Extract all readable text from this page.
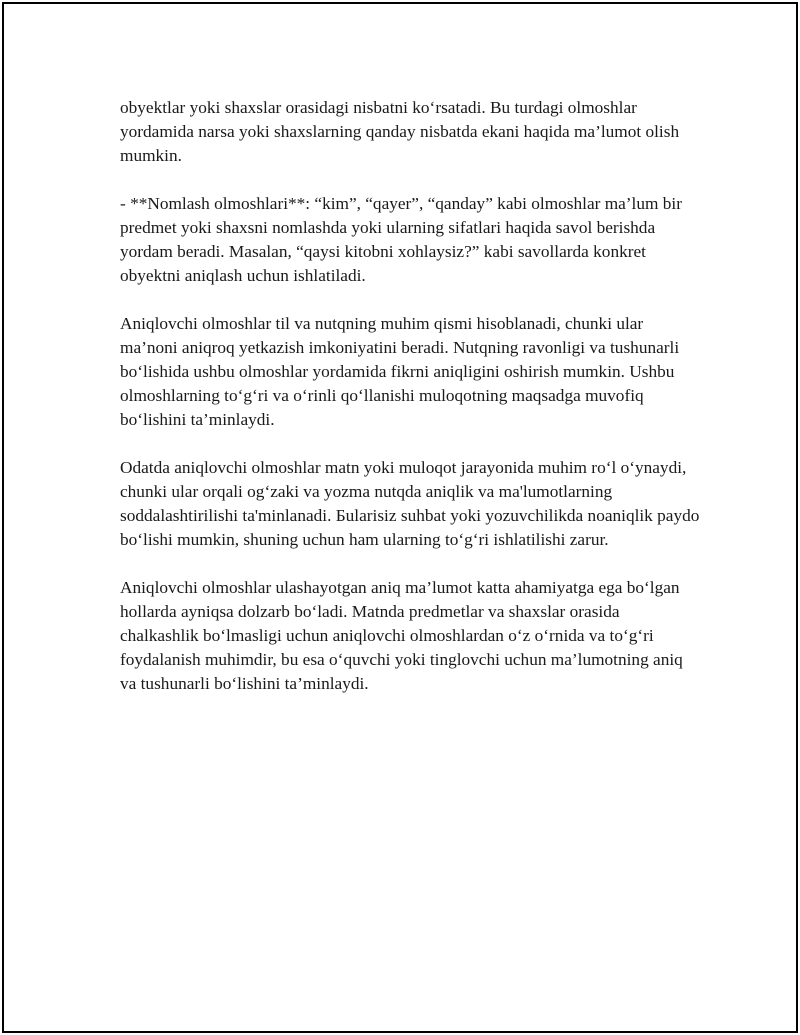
obyektlar yoki shaxslar orasidagi nisbatni ko‘rsatadi. Bu turdagi olmoshlar yordamida narsa yoki shaxslarning qanday nisbatda ekani haqida ma’lumot olish mumkin.

- **Nomlash olmoshlari**: “kim”, “qayer”, “qanday” kabi olmoshlar ma’lum bir predmet yoki shaxsni nomlashda yoki ularning sifatlari haqida savol berishda yordam beradi. Masalan, “qaysi kitobni xohlaysiz?” kabi savollarda konkret obyektni aniqlash uchun ishlatiladi.

Aniqlovchi olmoshlar til va nutqning muhim qismi hisoblanadi, chunki ular ma’noni aniqroq yetkazish imkoniyatini beradi. Nutqning ravonligi va tushunarli bo‘lishida ushbu olmoshlar yordamida fikrni aniqligini oshirish mumkin. Ushbu olmoshlarning to‘g‘ri va o‘rinli qo‘llanishi muloqotning maqsadga muvofiq bo‘lishini ta’minlaydi.

Odatda aniqlovchi olmoshlar matn yoki muloqot jarayonida muhim ro‘l o‘ynaydi, chunki ular orqali og‘zaki va yozma nutqda aniqlik va ma'lumotlarning soddalashtirilishi ta'minlanadi. Бularisiz suhbat yoki yozuvchilikda noaniqlik paydo bo‘lishi mumkin, shuning uchun ham ularning to‘g‘ri ishlatilishi zarur.

Aniqlovchi olmoshlar ulashayotgan aniq ma’lumot katta ahamiyatga ega bo‘lgan hollarda ayniqsa dolzarb bo‘ladi. Matnda predmetlar va shaxslar orasida chalkashlik bo‘lmasligi uchun aniqlovchi olmoshlardan o‘z o‘rnida va to‘g‘ri foydalanish muhimdir, bu esa o‘quvchi yoki tinglovchi uchun ma’lumotning aniq va tushunarli bo‘lishini ta’minlaydi.
